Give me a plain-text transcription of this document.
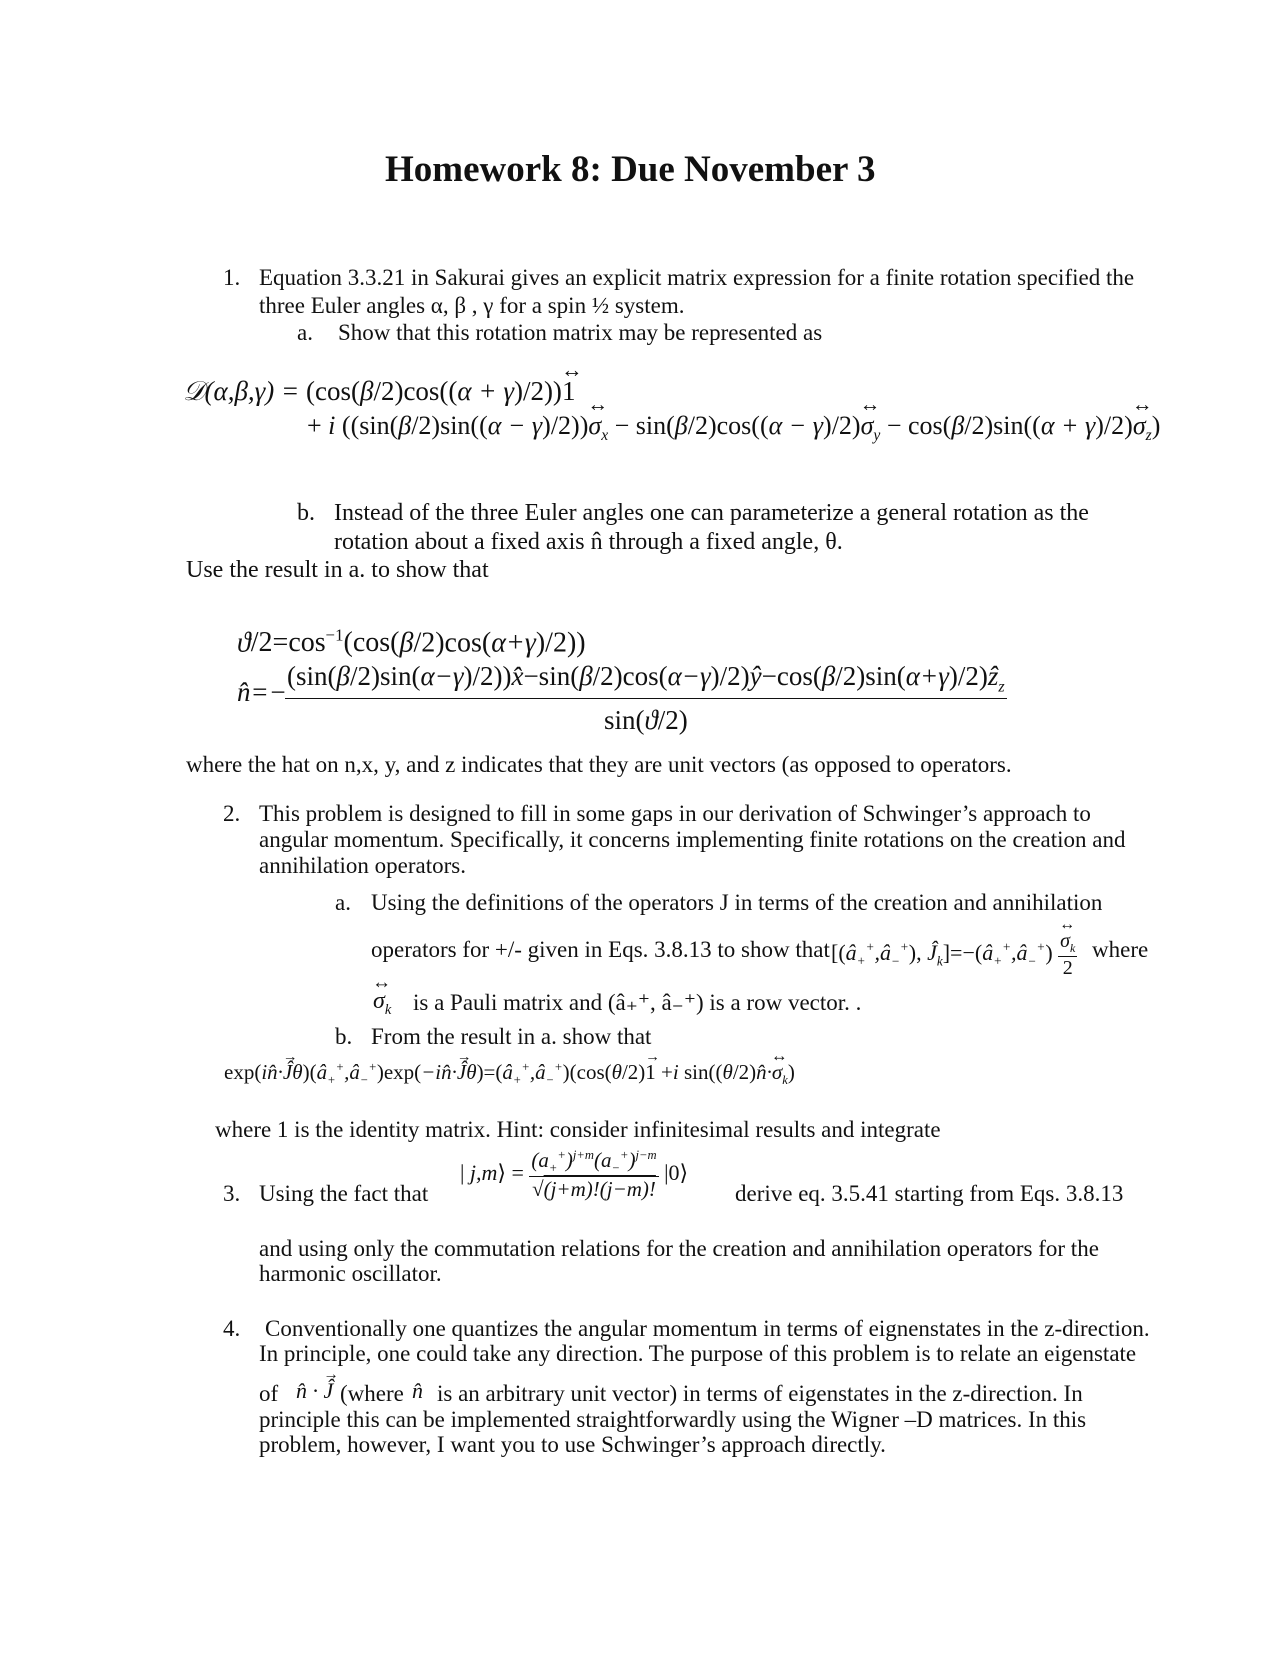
Homework 8: Due November 3
1. Equation 3.3.21 in Sakurai gives an explicit matrix expression for a finite rotation specified the
three Euler angles α, β , γ for a spin ½ system.
a. Show that this rotation matrix may be represented as
𝒟(α,β,γ) = (cos(β/2)cos((α + γ)/2))↔ 1
+ i ((sin(β/2)sin((α − γ)/2))↔ $\sigma_x - \sin(\beta/2)\cos((\alpha$ − γ)/2)↔ $\sigma_y - \cos(\beta/2)\sin((\alpha$ + γ)/2)↔ $\sigma_z$)
b. Instead of the three Euler angles one can parameterize a general rotation as the
rotation about a fixed axis n̂ through a fixed angle, θ.
Use the result in a. to show that
$ϑ/2=\cos^{-1}(\cos(\beta/2)\cos(\alpha+\gamma)/2)$)
n̂=−
(sin(β/2)sin(α−γ)/2))x̂−sin(β/2)cos(α−γ)/2)ŷ−cos(β/2)sin(α+γ)/2)ẑ$_z$
sin(ϑ/2)
where the hat on n,x, y, and z indicates that they are unit vectors (as opposed to operators.
2. This problem is designed to fill in some gaps in our derivation of Schwinger’s approach to
angular momentum. Specifically, it concerns implementing finite rotations on the creation and
annihilation operators.
a. Using the definitions of the operators J in terms of the creation and annihilation
operators for +/- given in Eqs. 3.8.13 to show that [$(â_+^+,â_-^+)$, $Ĵ_k]=-(â_+^+,â_-^+)$ ↔ $\frac{\sigma_k}{2}$ where
↔ $\sigma_k$ is a Pauli matrix and (â₊⁺, â₋⁺) is a row vector. .
b. From the result in a. show that
exp(in̂·→ $Ĵ\theta)(â_+^+,â_-^+)\exp(-in̂\cdot\to$ $Ĵ\theta)=(â_+^+,â_-^+)(\cos(\theta/2)\to 1 +i$ sin((θ/2)n̂·↔ $\sigma_k$)
where 1 is the identity matrix. Hint: consider infinitesimal results and integrate
3. Using the fact that
| j,m⟩ = $\frac{(a_+^+)^{j+m}(a_-^+)^{j-m}}{√(j+m)!(j-m)!}$ |0⟩
derive eq. 3.5.41 starting from Eqs. 3.8.13
and using only the commutation relations for the creation and annihilation operators for the
harmonic oscillator.
4. Conventionally one quantizes the angular momentum in terms of eignenstates in the z-direction.
In principle, one could take any direction. The purpose of this problem is to relate an eigenstate
of n̂ · → Ĵ (where n̂ is an arbitrary unit vector) in terms of eigenstates in the z-direction. In
principle this can be implemented straightforwardly using the Wigner –D matrices. In this
problem, however, I want you to use Schwinger’s approach directly.
